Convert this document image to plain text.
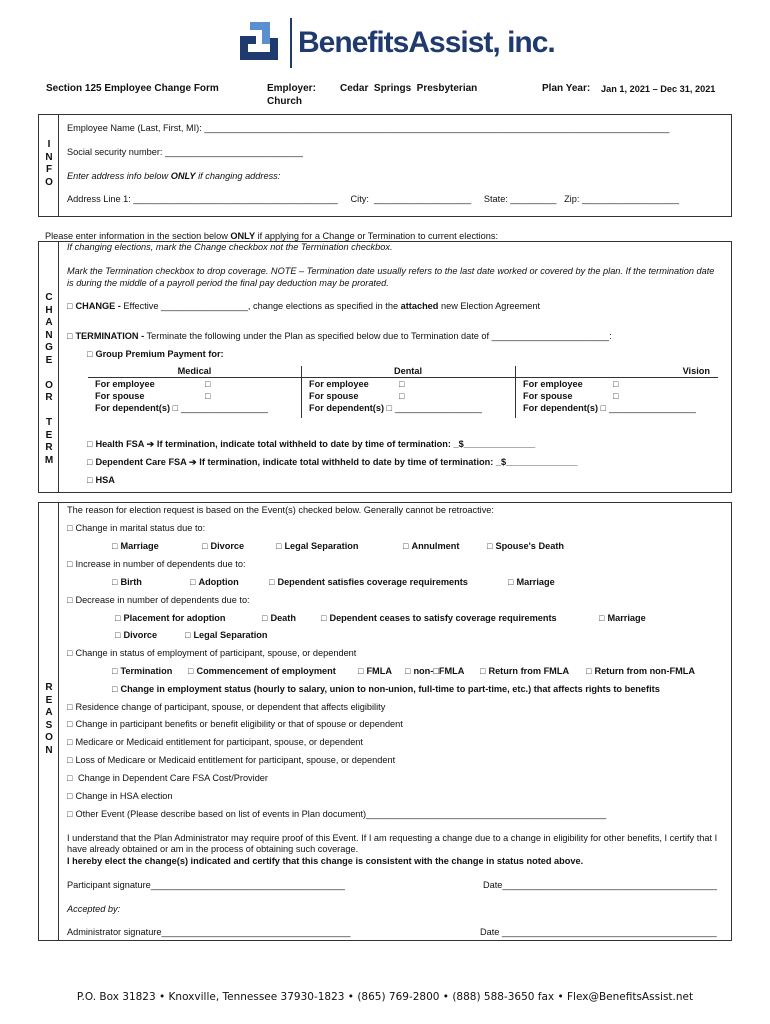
BenefitsAssist, inc.
Section 125 Employee Change Form	Employer: Cedar  Springs  Presbyterian
Church
Plan Year: Jan 1, 2021 – Dec 31, 2021
I
N
F
O
Employee Name (Last, First, MI): ___________________________________________________________________________________________
Social security number: ___________________________
Enter address info below ONLY if changing address:
Address Line 1: ________________________________________     City:  ___________________     State: _________   Zip: ___________________
Please enter information in the section below ONLY if applying for a Change or Termination to current elections:
C
H
A
N
G
E

O
R

T
E
R
M
If changing elections, mark the Change checkbox not the Termination checkbox.
Mark the Termination checkbox to drop coverage. NOTE – Termination date usually refers to the last date worked or covered by the plan. If the termination date is during the middle of a payroll period the final pay deduction may be prorated.
□ CHANGE - Effective _________________, change elections as specified in the attached new Election Agreement
□ TERMINATION - Terminate the following under the Plan as specified below due to Termination date of _______________________:
□ Group Premium Payment for:
Medical
For employee	□
For spouse	□
For dependent(s) □ _________________
Dental
For employee	□
For spouse	□
For dependent(s) □ _________________
Vision
For employee	□
For spouse	□
For dependent(s) □ _________________
□ Health FSA ➔ If termination, indicate total withheld to date by time of termination: _$______________
□ Dependent Care FSA ➔ If termination, indicate total withheld to date by time of termination: _$______________
□ HSA
R
E
A
S
O
N
The reason for election request is based on the Event(s) checked below. Generally cannot be retroactive:
□ Change in marital status due to:
□ Marriage	□ Divorce	□ Legal Separation	□ Annulment	□ Spouse's Death
□ Increase in number of dependents due to:
□ Birth	□ Adoption	□ Dependent satisfies coverage requirements	□ Marriage
□ Decrease in number of dependents due to:
□ Placement for adoption	□ Death	□ Dependent ceases to satisfy coverage requirements	□ Marriage
□ Divorce	□ Legal Separation
□ Change in status of employment of participant, spouse, or dependent
□ Termination □ Commencement of employment □ FMLA □ non-□FMLA □ Return from FMLA □ Return from non-FMLA
□ Change in employment status (hourly to salary, union to non-union, full-time to part-time, etc.) that affects rights to benefits
□ Residence change of participant, spouse, or dependent that affects eligibility
□ Change in participant benefits or benefit eligibility or that of spouse or dependent
□ Medicare or Medicaid entitlement for participant, spouse, or dependent
□ Loss of Medicare or Medicaid entitlement for participant, spouse, or dependent
□ Change in Dependent Care FSA Cost/Provider
□ Change in HSA election
□ Other Event (Please describe based on list of events in Plan document)_______________________________________________
I understand that the Plan Administrator may require proof of this Event. If I am requesting a change due to a change in eligibility for other benefits, I certify that I have already obtained or am in the process of obtaining such coverage.
I hereby elect the change(s) indicated and certify that this change is consistent with the change in status noted above.
Participant signature______________________________________	Date__________________________________________
Accepted by:
Administrator signature_____________________________________	Date __________________________________________
P.O. Box 31823 • Knoxville, Tennessee 37930-1823 • (865) 769-2800 • (888) 588-3650 fax • Flex@BenefitsAssist.net
